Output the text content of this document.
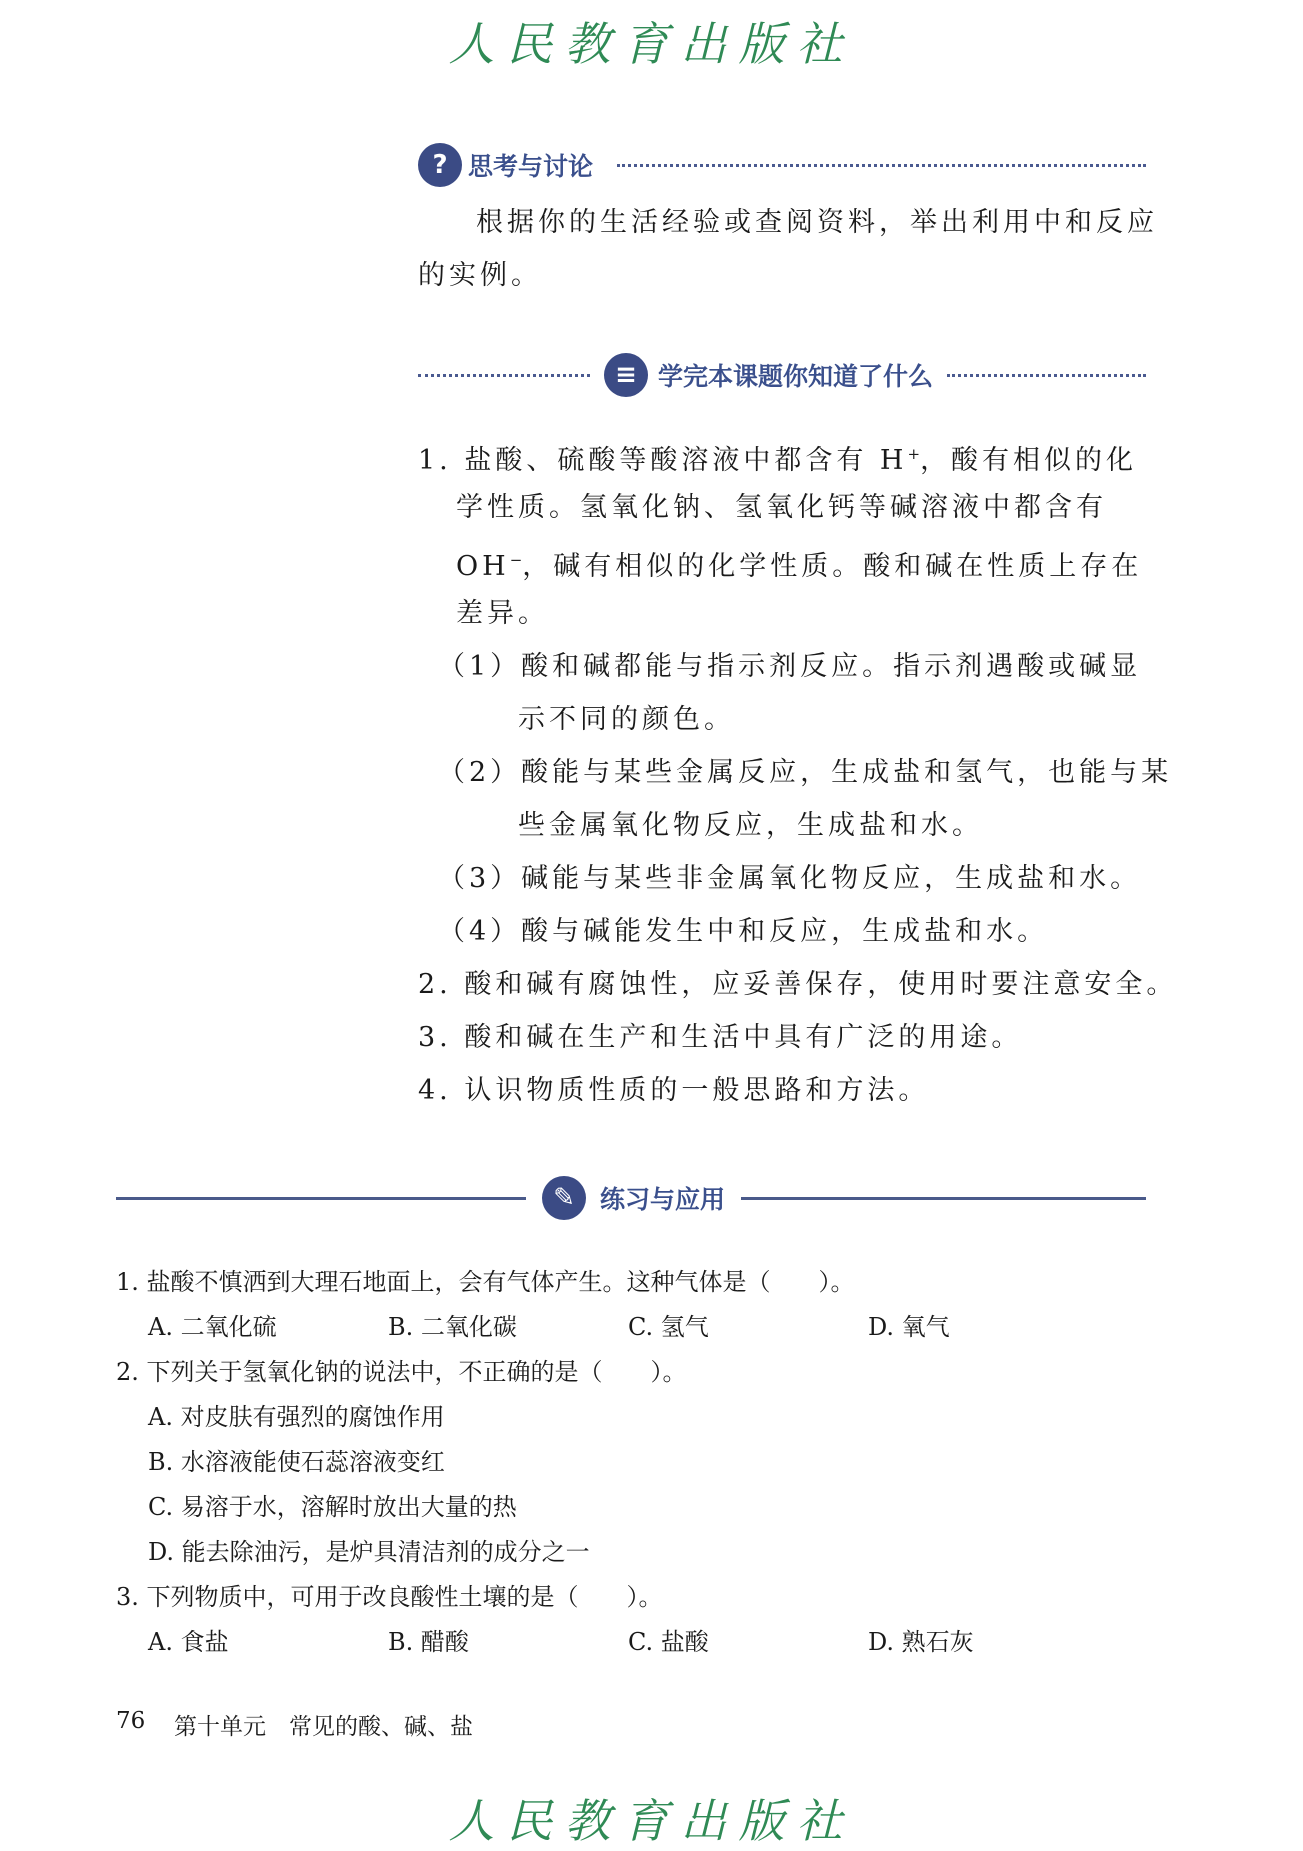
人民教育出版社
? 思考与讨论
根据你的生活经验或查阅资料，举出利用中和反应
的实例。
≡ 学完本课题你知道了什么
1. 盐酸、硫酸等酸溶液中都含有 H+，酸有相似的化
学性质。氢氧化钠、氢氧化钙等碱溶液中都含有
OH−，碱有相似的化学性质。酸和碱在性质上存在
差异。
（1）酸和碱都能与指示剂反应。指示剂遇酸或碱显
示不同的颜色。
（2）酸能与某些金属反应，生成盐和氢气，也能与某
些金属氧化物反应，生成盐和水。
（3）碱能与某些非金属氧化物反应，生成盐和水。
（4）酸与碱能发生中和反应，生成盐和水。
2. 酸和碱有腐蚀性，应妥善保存，使用时要注意安全。
3. 酸和碱在生产和生活中具有广泛的用途。
4. 认识物质性质的一般思路和方法。
✎	练习与应用
1. 盐酸不慎洒到大理石地面上，会有气体产生。这种气体是（　　）。
A. 二氧化硫	B. 二氧化碳	C. 氢气	D. 氧气
2. 下列关于氢氧化钠的说法中，不正确的是（　　）。
A. 对皮肤有强烈的腐蚀作用
B. 水溶液能使石蕊溶液变红
C. 易溶于水，溶解时放出大量的热
D. 能去除油污，是炉具清洁剂的成分之一
3. 下列物质中，可用于改良酸性土壤的是（　　）。
A. 食盐	B. 醋酸	C. 盐酸	D. 熟石灰
76 第十单元　常见的酸、碱、盐
人民教育出版社
